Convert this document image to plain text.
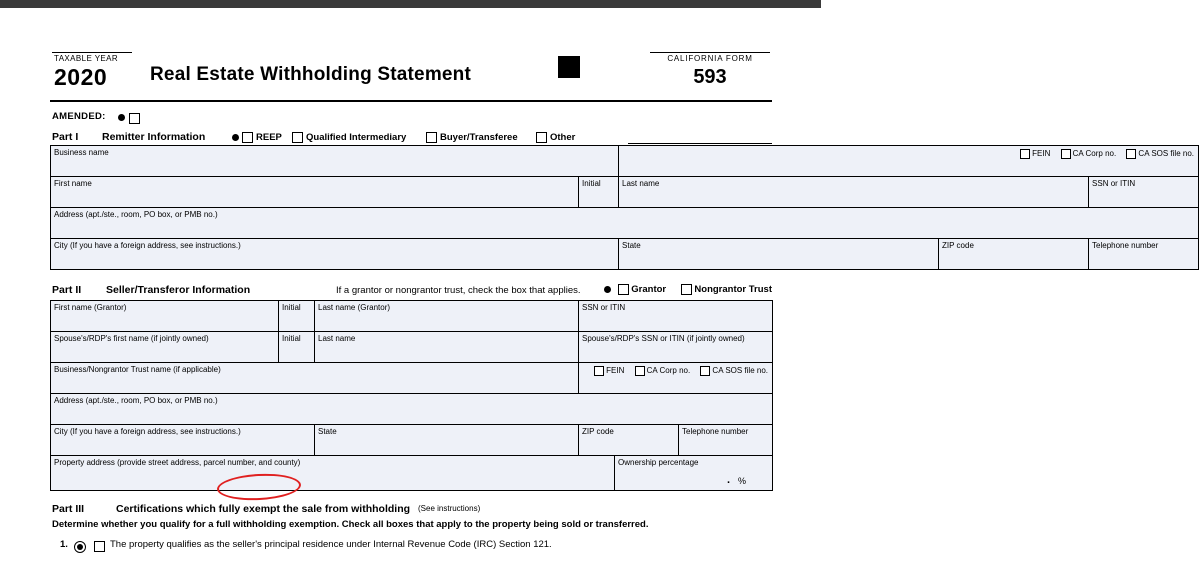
TAXABLE YEAR
2020 Real Estate Withholding Statement
CALIFORNIA FORM
593
AMENDED:
Part I Remitter Information	REEP	Qualified Intermediary	Buyer/Transferee	Other
Business name		FEIN CA Corp no. CA SOS file no.		

First name	Initial	Last name		SSN or ITIN

Address (apt./ste., room, PO box, or PMB no.)				

City (If you have a foreign address, see instructions.)		State	ZIP code	Telephone number
Part II Seller/Transferor Information	If a grantor or nongrantor trust, check the box that applies.	Grantor	Nongrantor Trust
First name (Grantor)	Initial	Last name (Grantor)	SSN or ITIN		

Spouse's/RDP's first name (if jointly owned)	Initial	Last name	Spouse's/RDP's SSN or ITIN (if jointly owned)		

Business/Nongrantor Trust name (if applicable)			FEIN CA Corp no. CA SOS file no.		

Address (apt./ste., room, PO box, or PMB no.)					

City (If you have a foreign address, see instructions.)		State	ZIP code		Telephone number

Property address (provide street address, parcel number, and county)				Ownership percentage
. %	
Part III	Certifications which fully exempt the sale from withholding (See instructions)
Determine whether you qualify for a full withholding exemption. Check all boxes that apply to the property being sold or transferred.
1.	The property qualifies as the seller's principal residence under Internal Revenue Code (IRC) Section 121.
